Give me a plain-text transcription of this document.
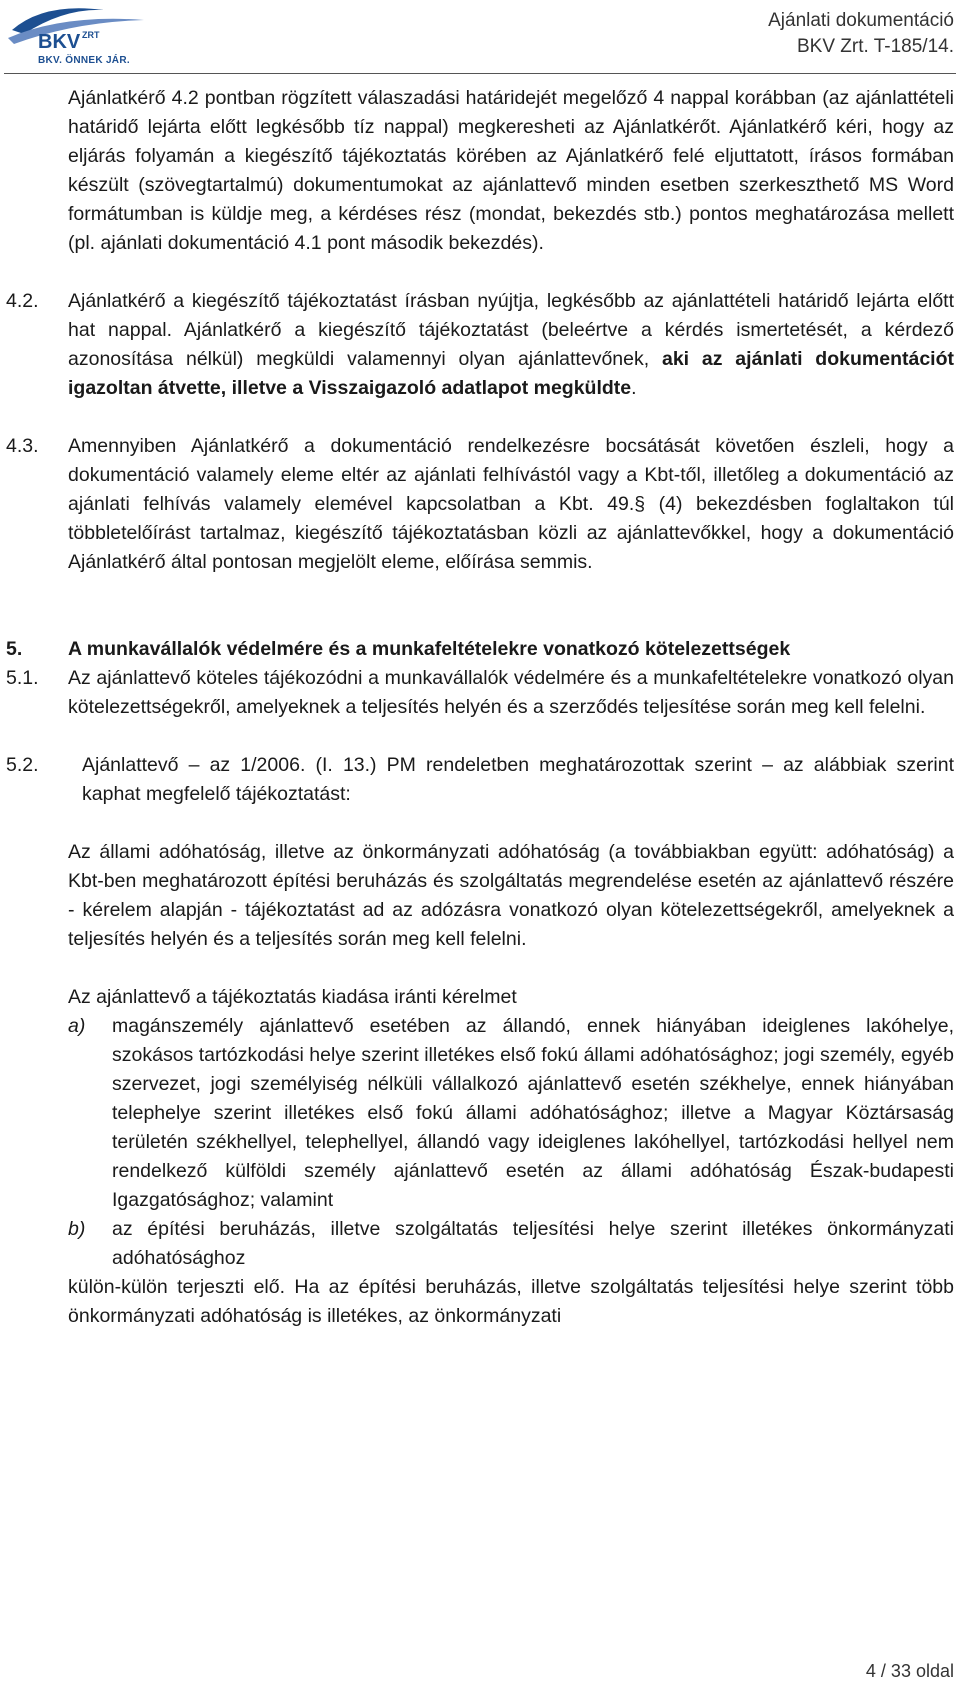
BKV ZRT
BKV. ÖNNEK JÁR.
Ajánlati dokumentáció
BKV Zrt. T-185/14.

Ajánlatkérő 4.2 pontban rögzített válaszadási határidejét megelőző 4 nappal korábban (az ajánlattételi határidő lejárta előtt legkésőbb tíz nappal) megkeresheti az Ajánlatkérőt. Ajánlatkérő kéri, hogy az eljárás folyamán a kiegészítő tájékoztatás körében az Ajánlatkérő felé eljuttatott, írásos formában készült (szövegtartalmú) dokumentumokat az ajánlattevő minden esetben szerkeszthető MS Word formátumban is küldje meg, a kérdéses rész (mondat, bekezdés stb.) pontos meghatározása mellett (pl. ajánlati dokumentáció 4.1 pont második bekezdés).

4.2. Ajánlatkérő a kiegészítő tájékoztatást írásban nyújtja, legkésőbb az ajánlattételi határidő lejárta előtt hat nappal. Ajánlatkérő a kiegészítő tájékoztatást (beleértve a kérdés ismertetését, a kérdező azonosítása nélkül) megküldi valamennyi olyan ajánlattevőnek, aki az ajánlati dokumentációt igazoltan átvette, illetve a Visszaigazoló adatlapot megküldte.

4.3. Amennyiben Ajánlatkérő a dokumentáció rendelkezésre bocsátását követően észleli, hogy a dokumentáció valamely eleme eltér az ajánlati felhívástól vagy a Kbt-től, illetőleg a dokumentáció az ajánlati felhívás valamely elemével kapcsolatban a Kbt. 49.§ (4) bekezdésben foglaltakon túl többletelőírást tartalmaz, kiegészítő tájékoztatásban közli az ajánlattevőkkel, hogy a dokumentáció Ajánlatkérő által pontosan megjelölt eleme, előírása semmis.

5. A munkavállalók védelmére és a munkafeltételekre vonatkozó kötelezettségek

5.1. Az ajánlattevő köteles tájékozódni a munkavállalók védelmére és a munkafeltételekre vonatkozó olyan kötelezettségekről, amelyeknek a teljesítés helyén és a szerződés teljesítése során meg kell felelni.

5.2. Ajánlattevő – az 1/2006. (I. 13.) PM rendeletben meghatározottak szerint – az alábbiak szerint kaphat megfelelő tájékoztatást:

Az állami adóhatóság, illetve az önkormányzati adóhatóság (a továbbiakban együtt: adóhatóság) a Kbt-ben meghatározott építési beruházás és szolgáltatás megrendelése esetén az ajánlattevő részére - kérelem alapján - tájékoztatást ad az adózásra vonatkozó olyan kötelezettségekről, amelyeknek a teljesítés helyén és a teljesítés során meg kell felelni.

Az ajánlattevő a tájékoztatás kiadása iránti kérelmet

a) magánszemély ajánlattevő esetében az állandó, ennek hiányában ideiglenes lakóhelye, szokásos tartózkodási helye szerint illetékes első fokú állami adóhatósághoz; jogi személy, egyéb szervezet, jogi személyiség nélküli vállalkozó ajánlattevő esetén székhelye, ennek hiányában telephelye szerint illetékes első fokú állami adóhatósághoz; illetve a Magyar Köztársaság területén székhellyel, telephellyel, állandó vagy ideiglenes lakóhellyel, tartózkodási hellyel nem rendelkező külföldi személy ajánlattevő esetén az állami adóhatóság Észak-budapesti Igazgatósághoz; valamint

b) az építési beruházás, illetve szolgáltatás teljesítési helye szerint illetékes önkormányzati adóhatósághoz

külön-külön terjeszti elő. Ha az építési beruházás, illetve szolgáltatás teljesítési helye szerint több önkormányzati adóhatóság is illetékes, az önkormányzati

4 / 33 oldal
